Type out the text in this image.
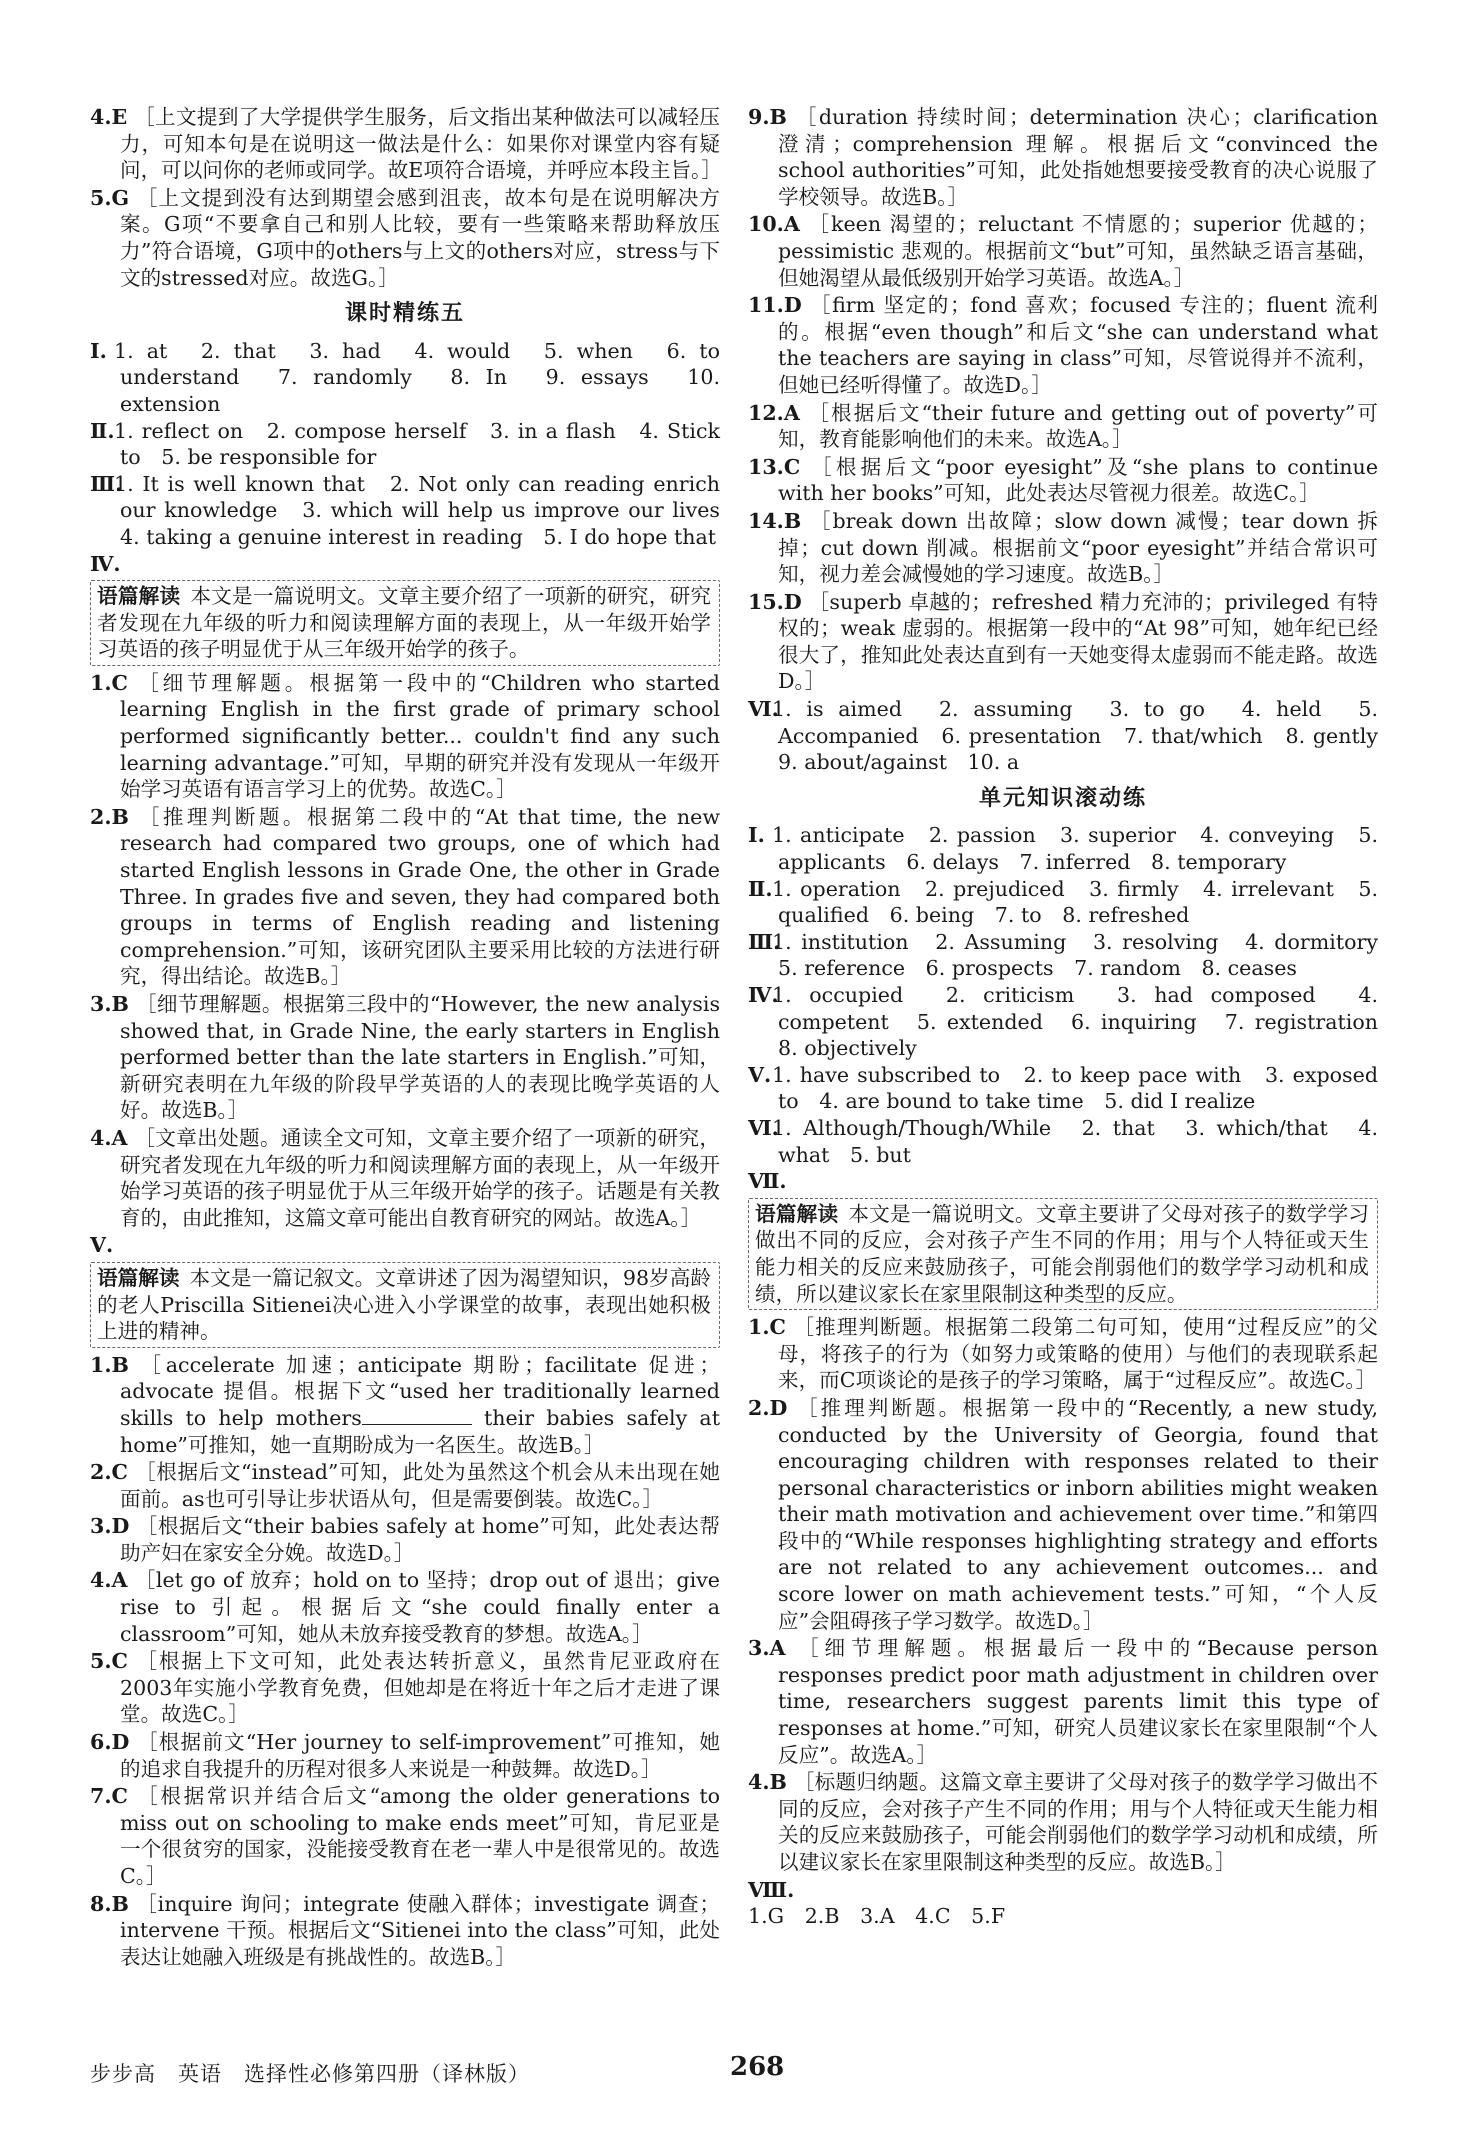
4.E ［上文提到了大学提供学生服务，后文指出某种做法可以减轻压力，可知本句是在说明这一做法是什么：如果你对课堂内容有疑问，可以问你的老师或同学。故E项符合语境，并呼应本段主旨。］

5.G ［上文提到没有达到期望会感到沮丧，故本句是在说明解决方案。G项“不要拿自己和别人比较，要有一些策略来帮助释放压力”符合语境，G项中的others与上文的others对应，stress与下文的stressed对应。故选G。］

课时精练五

Ⅰ. 1. at　2. that　3. had　4. would　5. when　6. to understand　7. randomly　8. In　9. essays　10. extension

Ⅱ.1. reflect on　2. compose herself　3. in a flash　4. Stick to　5. be responsible for

Ⅲ.1. It is well known that　2. Not only can reading enrich our knowledge　3. which will help us improve our lives　4. taking a genuine interest in reading　5. I do hope that

Ⅳ.

语篇解读 本文是一篇说明文。文章主要介绍了一项新的研究，研究者发现在九年级的听力和阅读理解方面的表现上，从一年级开始学习英语的孩子明显优于从三年级开始学的孩子。

1.C ［细节理解题。根据第一段中的“Children who started learning English in the first grade of primary school performed significantly better... couldn't find any such learning advantage.”可知，早期的研究并没有发现从一年级开始学习英语有语言学习上的优势。故选C。］

2.B ［推理判断题。根据第二段中的“At that time, the new research had compared two groups, one of which had started English lessons in Grade One, the other in Grade Three. In grades five and seven, they had compared both groups in terms of English reading and listening comprehension.”可知，该研究团队主要采用比较的方法进行研究，得出结论。故选B。］

3.B ［细节理解题。根据第三段中的“However, the new analysis showed that, in Grade Nine, the early starters in English performed better than the late starters in English.”可知，新研究表明在九年级的阶段早学英语的人的表现比晚学英语的人好。故选B。］

4.A ［文章出处题。通读全文可知，文章主要介绍了一项新的研究，研究者发现在九年级的听力和阅读理解方面的表现上，从一年级开始学习英语的孩子明显优于从三年级开始学的孩子。话题是有关教育的，由此推知，这篇文章可能出自教育研究的网站。故选A。］

Ⅴ.

语篇解读 本文是一篇记叙文。文章讲述了因为渴望知识，98岁高龄的老人Priscilla Sitienei决心进入小学课堂的故事，表现出她积极上进的精神。

1.B ［accelerate 加速；anticipate 期盼；facilitate 促进；advocate 提倡。根据下文“used her traditionally learned skills to help mothers	their babies safely at home”可推知，她一直期盼成为一名医生。故选B。］

2.C ［根据后文“instead”可知，此处为虽然这个机会从未出现在她面前。as也可引导让步状语从句，但是需要倒装。故选C。］

3.D ［根据后文“their babies safely at home”可知，此处表达帮助产妇在家安全分娩。故选D。］

4.A ［let go of 放弃；hold on to 坚持；drop out of 退出；give rise to 引起。根据后文“she could finally enter a classroom”可知，她从未放弃接受教育的梦想。故选A。］

5.C ［根据上下文可知，此处表达转折意义，虽然肯尼亚政府在2003年实施小学教育免费，但她却是在将近十年之后才走进了课堂。故选C。］

6.D ［根据前文“Her journey to self-improvement”可推知，她的追求自我提升的历程对很多人来说是一种鼓舞。故选D。］

7.C ［根据常识并结合后文“among the older generations to miss out on schooling to make ends meet”可知，肯尼亚是一个很贫穷的国家，没能接受教育在老一辈人中是很常见的。故选C。］

8.B ［inquire 询问；integrate 使融入群体；investigate 调查；intervene 干预。根据后文“Sitienei into the class”可知，此处表达让她融入班级是有挑战性的。故选B。］

9.B ［duration 持续时间；determination 决心；clarification 澄清；comprehension 理解。根据后文“convinced the school authorities”可知，此处指她想要接受教育的决心说服了学校领导。故选B。］

10.A ［keen 渴望的；reluctant 不情愿的；superior 优越的；pessimistic 悲观的。根据前文“but”可知，虽然缺乏语言基础，但她渴望从最低级别开始学习英语。故选A。］

11.D ［firm 坚定的；fond 喜欢；focused 专注的；fluent 流利的。根据“even though”和后文“she can understand what the teachers are saying in class”可知，尽管说得并不流利，但她已经听得懂了。故选D。］

12.A ［根据后文“their future and getting out of poverty”可知，教育能影响他们的未来。故选A。］

13.C ［根据后文“poor eyesight”及“she plans to continue with her books”可知，此处表达尽管视力很差。故选C。］

14.B ［break down 出故障；slow down 减慢；tear down 拆掉；cut down 削减。根据前文“poor eyesight”并结合常识可知，视力差会减慢她的学习速度。故选B。］

15.D ［superb 卓越的；refreshed 精力充沛的；privileged 有特权的；weak 虚弱的。根据第一段中的“At 98”可知，她年纪已经很大了，推知此处表达直到有一天她变得太虚弱而不能走路。故选D。］

Ⅵ.1. is aimed　2. assuming　3. to go　4. held　5. Accompanied　6. presentation　7. that/which　8. gently　9. about/against　10. a

单元知识滚动练

Ⅰ. 1. anticipate　2. passion　3. superior　4. conveying　5. applicants　6. delays　7. inferred　8. temporary

Ⅱ.1. operation　2. prejudiced　3. firmly　4. irrelevant　5. qualified　6. being　7. to　8. refreshed

Ⅲ.1. institution　2. Assuming　3. resolving　4. dormitory　5. reference　6. prospects　7. random　8. ceases

Ⅳ.1. occupied　2. criticism　3. had composed　4. competent　5. extended　6. inquiring　7. registration　8. objectively

Ⅴ.1. have subscribed to　2. to keep pace with　3. exposed to　4. are bound to take time　5. did I realize

Ⅵ.1. Although/Though/While　2. that　3. which/that　4. what　5. but

Ⅶ.

语篇解读 本文是一篇说明文。文章主要讲了父母对孩子的数学学习做出不同的反应，会对孩子产生不同的作用；用与个人特征或天生能力相关的反应来鼓励孩子，可能会削弱他们的数学学习动机和成绩，所以建议家长在家里限制这种类型的反应。

1.C ［推理判断题。根据第二段第二句可知，使用“过程反应”的父母，将孩子的行为（如努力或策略的使用）与他们的表现联系起来，而C项谈论的是孩子的学习策略，属于“过程反应”。故选C。］

2.D ［推理判断题。根据第一段中的“Recently, a new study, conducted by the University of Georgia, found that encouraging children with responses related to their personal characteristics or inborn abilities might weaken their math motivation and achievement over time.”和第四段中的“While responses highlighting strategy and efforts are not related to any achievement outcomes... and score lower on math achievement tests.”可知，“个人反应”会阻碍孩子学习数学。故选D。］

3.A ［细节理解题。根据最后一段中的“Because person responses predict poor math adjustment in children over time, researchers suggest parents limit this type of responses at home.”可知，研究人员建议家长在家里限制“个人反应”。故选A。］

4.B ［标题归纳题。这篇文章主要讲了父母对孩子的数学学习做出不同的反应，会对孩子产生不同的作用；用与个人特征或天生能力相关的反应来鼓励孩子，可能会削弱他们的数学学习动机和成绩，所以建议家长在家里限制这种类型的反应。故选B。］

Ⅷ.

1.G　2.B　3.A　4.C　5.F

步步高　英语　选择性必修第四册（译林版）	268
